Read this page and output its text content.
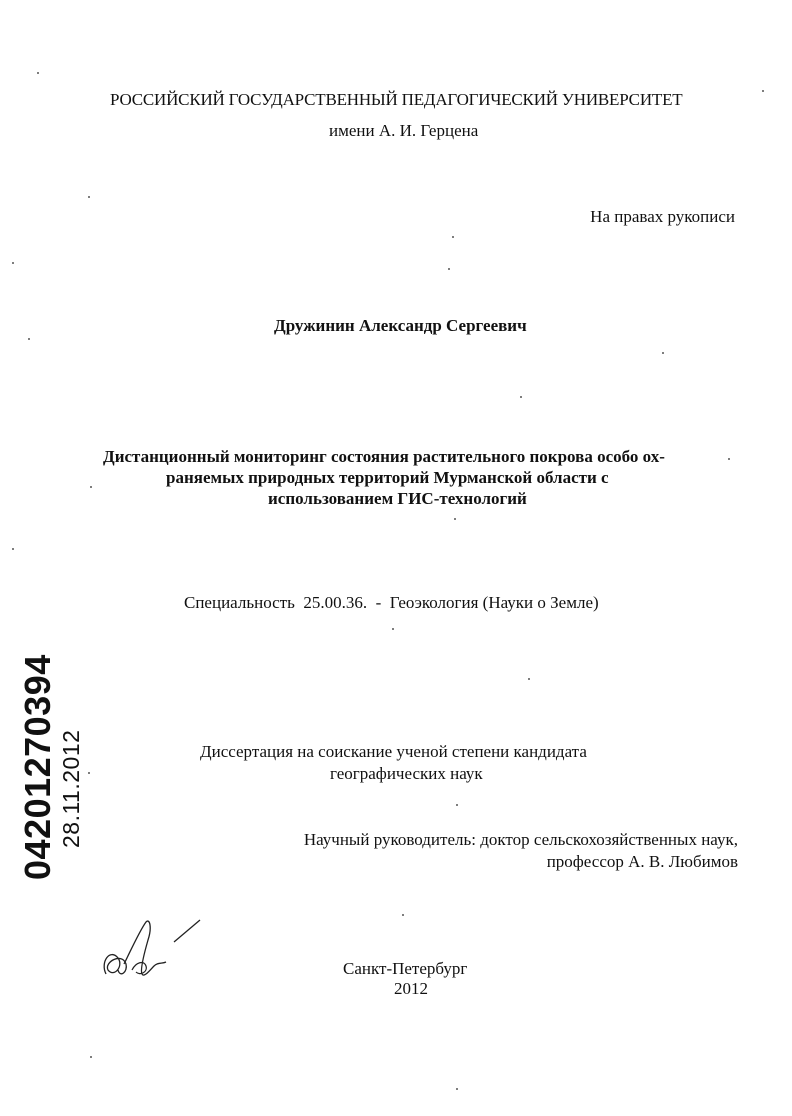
РОССИЙСКИЙ ГОСУДАРСТВЕННЫЙ ПЕДАГОГИЧЕСКИЙ УНИВЕРСИТЕТ
имени А. И. Герцена
На правах рукописи
Дружинин Александр Сергеевич
Дистанционный мониторинг состояния растительного покрова особо ох-
раняемых природных территорий Мурманской области с
использованием ГИС-технологий
Специальность 25.00.36. - Геоэкология (Науки о Земле)
Диссертация на соискание ученой степени кандидата
географических наук
Научный руководитель: доктор сельскохозяйственных наук,
профессор А. В. Любимов
Санкт-Петербург
2012
04201270394 28.11.2012
